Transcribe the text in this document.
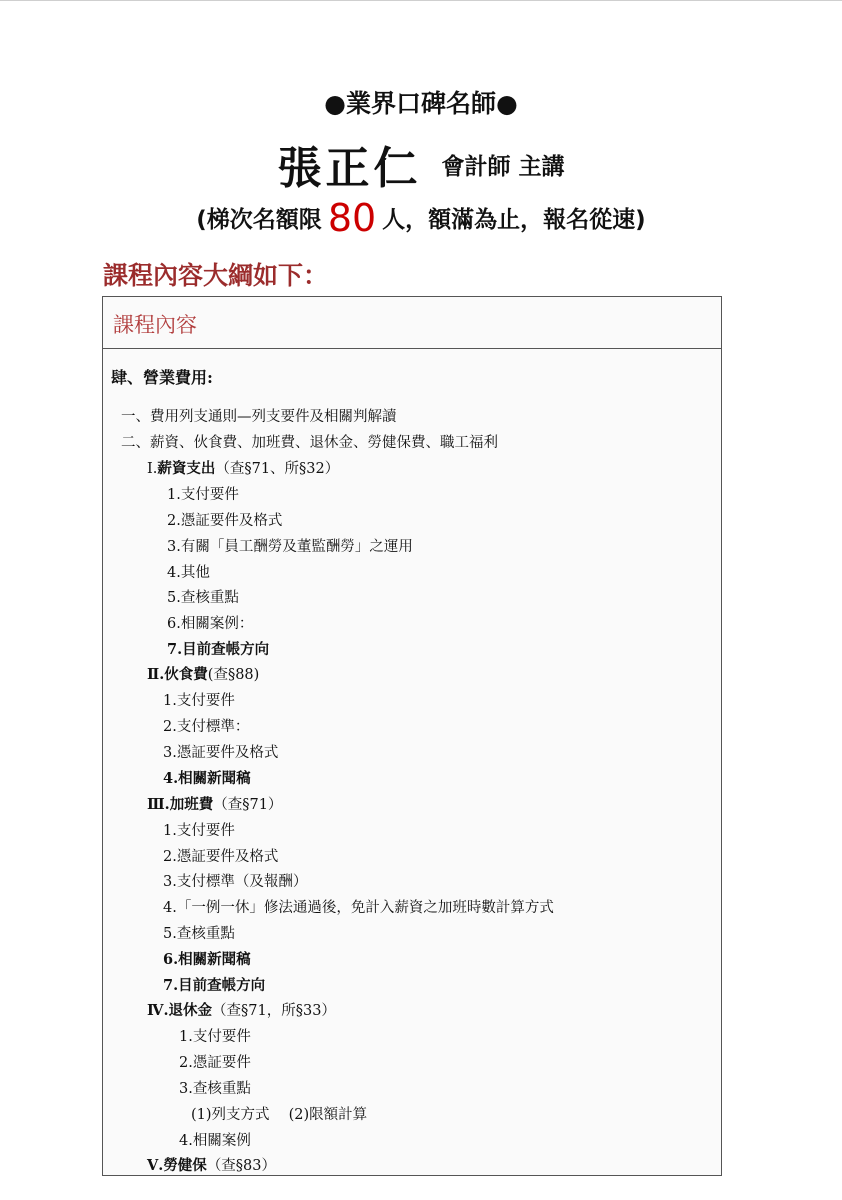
●業界口碑名師●
張正仁 會計師 主講
(梯次名額限 80 人，額滿為止，報名從速)
課程內容大綱如下：
課程內容
肆、營業費用:
一、費用列支通則—列支要件及相關判解讀
二、薪資、伙食費、加班費、退休金、勞健保費、職工福利
Ⅰ.薪資支出（查§71、所§32）
1.支付要件
2.憑証要件及格式
3.有關「員工酬勞及董監酬勞」之運用
4.其他
5.查核重點
6.相關案例：
7.目前查帳方向
Ⅱ.伙食費(查§88)
1.支付要件
2.支付標準：
3.憑証要件及格式
4.相關新聞稿
Ⅲ.加班費（查§71）
1.支付要件
2.憑証要件及格式
3.支付標準（及報酬）
4.「一例一休」修法通過後，免計入薪資之加班時數計算方式
5.查核重點
6.相關新聞稿
7.目前查帳方向
Ⅳ.退休金（查§71，所§33）
1.支付要件
2.憑証要件
3.查核重點
(1)列支方式　 (2)限額計算
4.相關案例
Ⅴ.勞健保（查§83）
